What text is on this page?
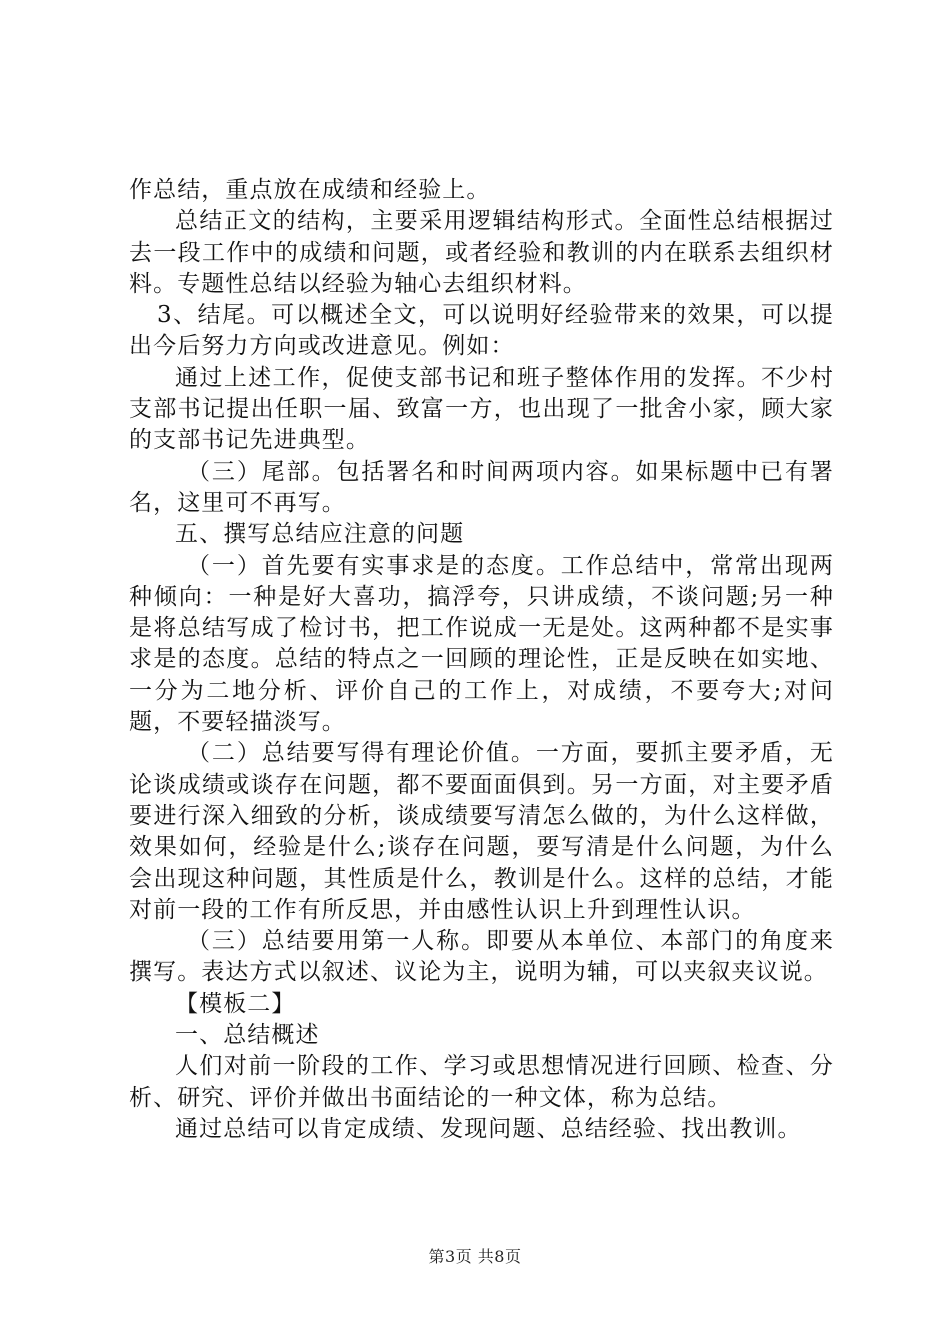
作总结，重点放在成绩和经验上。

总结正文的结构，主要采用逻辑结构形式。全面性总结根据过去一段工作中的成绩和问题，或者经验和教训的内在联系去组织材料。专题性总结以经验为轴心去组织材料。

3、结尾。可以概述全文，可以说明好经验带来的效果，可以提出今后努力方向或改进意见。例如：

通过上述工作，促使支部书记和班子整体作用的发挥。不少村支部书记提出任职一届、致富一方，也出现了一批舍小家，顾大家的支部书记先进典型。

（三）尾部。包括署名和时间两项内容。如果标题中已有署名，这里可不再写。

五、撰写总结应注意的问题

（一）首先要有实事求是的态度。工作总结中，常常出现两种倾向：一种是好大喜功，搞浮夸，只讲成绩，不谈问题;另一种是将总结写成了检讨书，把工作说成一无是处。这两种都不是实事求是的态度。总结的特点之一回顾的理论性，正是反映在如实地、一分为二地分析、评价自己的工作上，对成绩，不要夸大;对问题，不要轻描淡写。

（二）总结要写得有理论价值。一方面，要抓主要矛盾，无论谈成绩或谈存在问题，都不要面面俱到。另一方面，对主要矛盾要进行深入细致的分析，谈成绩要写清怎么做的，为什么这样做，效果如何，经验是什么;谈存在问题，要写清是什么问题，为什么会出现这种问题，其性质是什么，教训是什么。这样的总结，才能对前一段的工作有所反思，并由感性认识上升到理性认识。

（三）总结要用第一人称。即要从本单位、本部门的角度来撰写。表达方式以叙述、议论为主，说明为辅，可以夹叙夹议说。

【模板二】

一、总结概述

人们对前一阶段的工作、学习或思想情况进行回顾、检查、分析、研究、评价并做出书面结论的一种文体，称为总结。

通过总结可以肯定成绩、发现问题、总结经验、找出教训。

第3页 共8页
